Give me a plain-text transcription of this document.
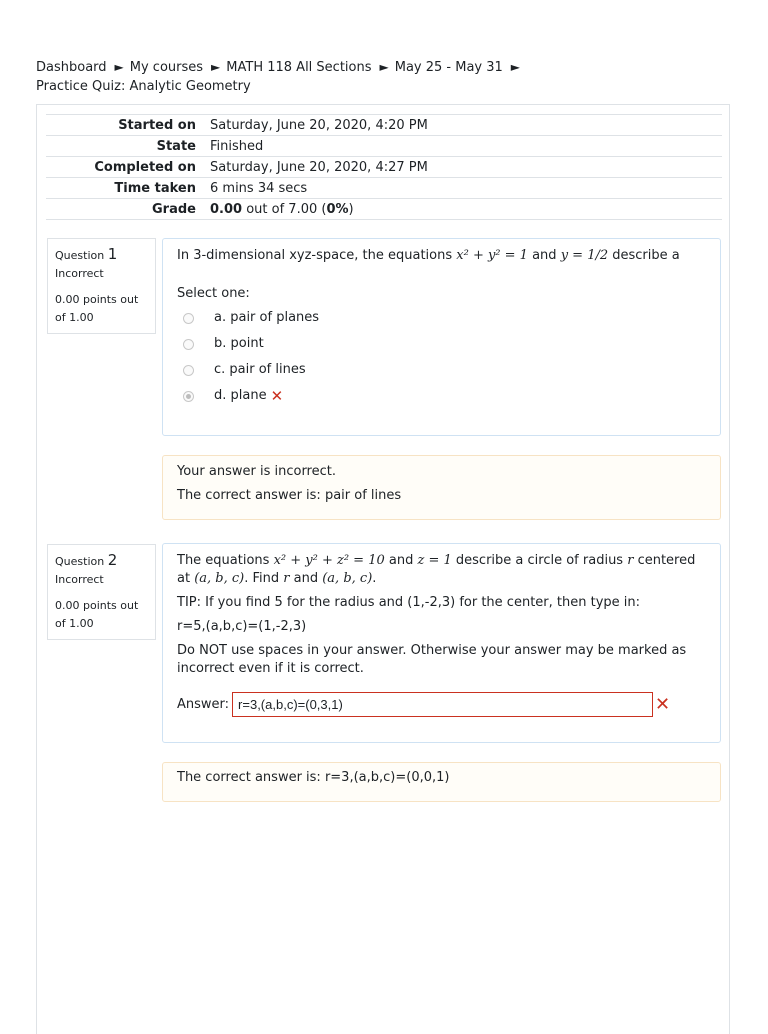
Dashboard ► My courses ► MATH 118 All Sections ► May 25 - May 31 ►
Practice Quiz: Analytic Geometry
Started on	Saturday, June 20, 2020, 4:20 PM
State	Finished
Completed on	Saturday, June 20, 2020, 4:27 PM
Time taken	6 mins 34 secs
Grade	0.00 out of 7.00 (0%)
Question 1
Incorrect
0.00 points out of 1.00
In 3-dimensional xyz-space, the equations x² + y² = 1 and y = 1/2 describe a
Select one:
a. pair of planes
b. point
c. pair of lines
d. plane ✕

Your answer is incorrect.

The correct answer is: pair of lines

Question 2
Incorrect
0.00 points out of 1.00
The equations x² + y² + z² = 10 and z = 1 describe a circle of radius r centered at (a, b, c). Find r and (a, b, c).
TIP: If you find 5 for the radius and (1,-2,3) for the center, then type in:
r=5,(a,b,c)=(1,-2,3)
Do NOT use spaces in your answer. Otherwise your answer may be marked as incorrect even if it is correct.
Answer:
r=3,(a,b,c)=(0,3,1)	✕

The correct answer is: r=3,(a,b,c)=(0,0,1)
